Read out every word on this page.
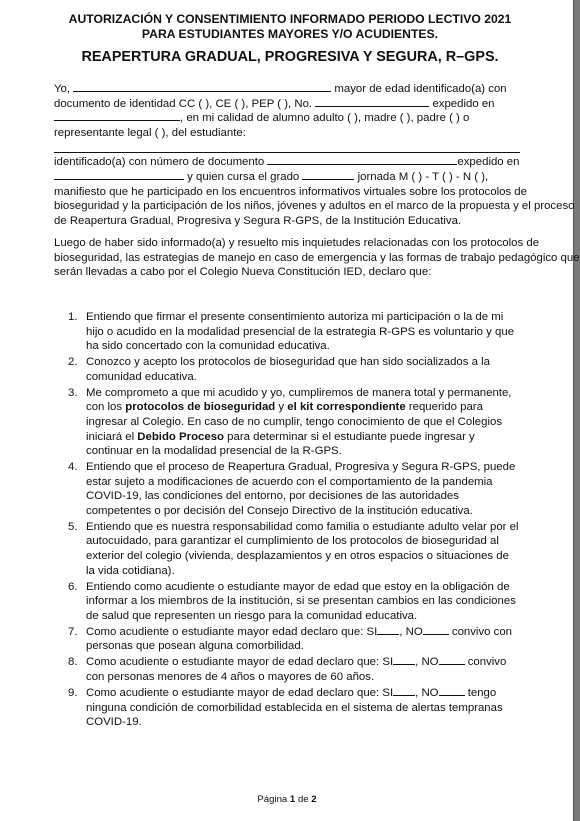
AUTORIZACIÓN Y CONSENTIMIENTO INFORMADO PERIODO LECTIVO 2021
PARA ESTUDIANTES MAYORES Y/O ACUDIENTES.
REAPERTURA GRADUAL, PROGRESIVA Y SEGURA, R–GPS.
Yo,	mayor de edad identificado(a) con
documento de identidad CC ( ), CE ( ), PEP ( ), No.	expedido en
, en mi calidad de alumno adulto ( ), madre ( ), padre ( ) o
representante legal ( ), del estudiante:
identificado(a) con número de documento	expedido en
y quien cursa el grado	jornada M ( ) - T ( ) - N ( ),
manifiesto que he participado en los encuentros informativos virtuales sobre los protocolos de
bioseguridad y la participación de los niños, jóvenes y adultos en el marco de la propuesta y el proceso
de Reapertura Gradual, Progresiva y Segura R-GPS, de la Institución Educativa.
Luego de haber sido informado(a) y resuelto mis inquietudes relacionadas con los protocolos de
bioseguridad, las estrategias de manejo en caso de emergencia y las formas de trabajo pedagógico que
serán llevadas a cabo por el Colegio Nueva Constitución IED, declaro que:
1. Entiendo que firmar el presente consentimiento autoriza mi participación o la de mi hijo o acudido en la modalidad presencial de la estrategia R-GPS es voluntario y que ha sido concertado con la comunidad educativa.
2. Conozco y acepto los protocolos de bioseguridad que han sido socializados a la comunidad educativa.
3. Me comprometo a que mi acudido y yo, cumpliremos de manera total y permanente, con los protocolos de bioseguridad y el kit correspondiente requerido para ingresar al Colegio. En caso de no cumplir, tengo conocimiento de que el Colegios iniciará el Debido Proceso para determinar si el estudiante puede ingresar y continuar en la modalidad presencial de la R-GPS.
4. Entiendo que el proceso de Reapertura Gradual, Progresiva y Segura R-GPS, puede estar sujeto a modificaciones de acuerdo con el comportamiento de la pandemia COVID-19, las condiciones del entorno, por decisiones de las autoridades competentes o por decisión del Consejo Directivo de la institución educativa.
5. Entiendo que es nuestra responsabilidad como familia o estudiante adulto velar por el autocuidado, para garantizar el cumplimiento de los protocolos de bioseguridad al exterior del colegio (vivienda, desplazamientos y en otros espacios o situaciones de la vida cotidiana).
6. Entiendo como acudiente o estudiante mayor de edad que estoy en la obligación de informar a los miembros de la institución, si se presentan cambios en las condiciones de salud que representen un riesgo para la comunidad educativa.
7. Como acudiente o estudiante mayor edad declaro que: SI , NO convivo con personas que posean alguna comorbilidad.
8. Como acudiente o estudiante mayor de edad declaro que: SI , NO convivo con personas menores de 4 años o mayores de 60 años.
9. Como acudiente o estudiante mayor de edad declaro que: SI , NO tengo ninguna condición de comorbilidad establecida en el sistema de alertas tempranas COVID-19.
Página 1 de 2
